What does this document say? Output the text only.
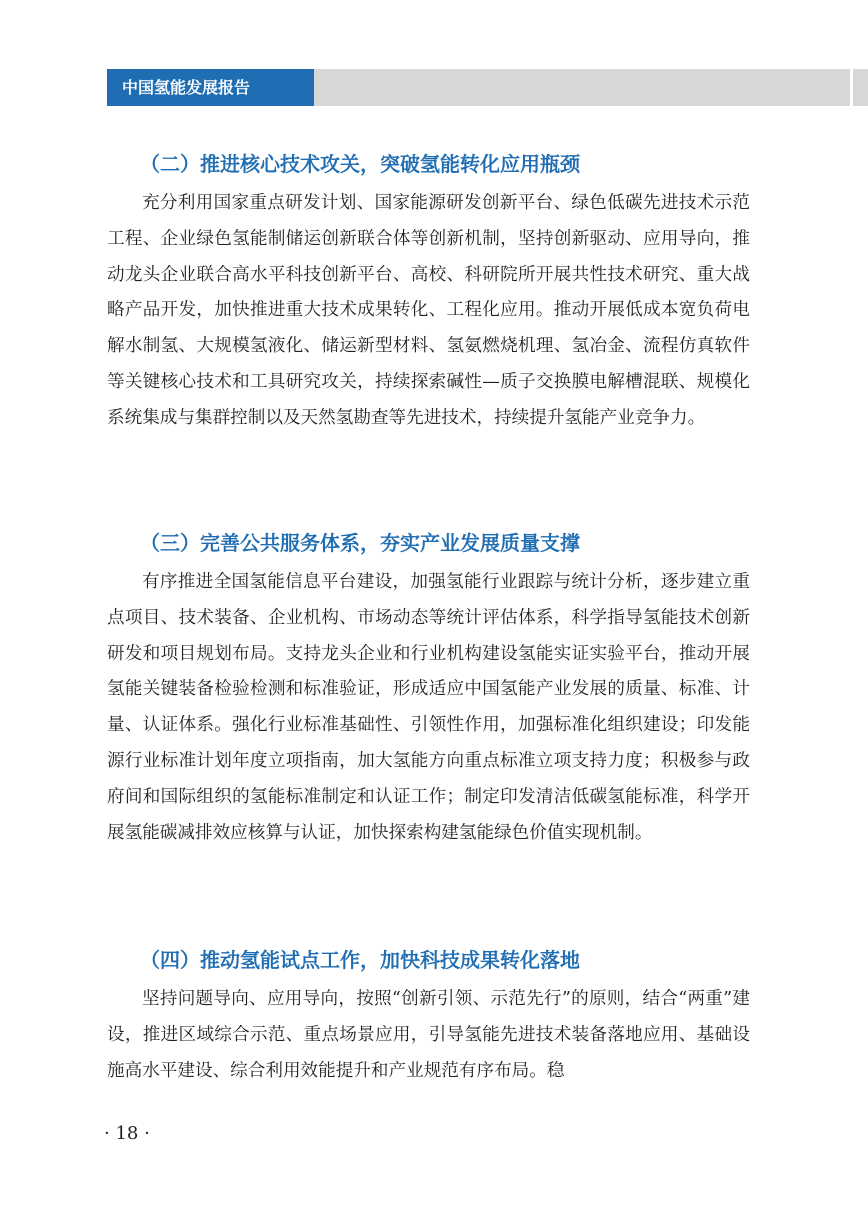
中国氢能发展报告
（二）推进核心技术攻关，突破氢能转化应用瓶颈

充分利用国家重点研发计划、国家能源研发创新平台、绿色低碳先进技术示范工程、企业绿色氢能制储运创新联合体等创新机制，坚持创新驱动、应用导向，推动龙头企业联合高水平科技创新平台、高校、科研院所开展共性技术研究、重大战略产品开发，加快推进重大技术成果转化、工程化应用。推动开展低成本宽负荷电解水制氢、大规模氢液化、储运新型材料、氢氨燃烧机理、氢冶金、流程仿真软件等关键核心技术和工具研究攻关，持续探索碱性—质子交换膜电解槽混联、规模化系统集成与集群控制以及天然氢勘查等先进技术，持续提升氢能产业竞争力。

（三）完善公共服务体系，夯实产业发展质量支撑

有序推进全国氢能信息平台建设，加强氢能行业跟踪与统计分析，逐步建立重点项目、技术装备、企业机构、市场动态等统计评估体系，科学指导氢能技术创新研发和项目规划布局。支持龙头企业和行业机构建设氢能实证实验平台，推动开展氢能关键装备检验检测和标准验证，形成适应中国氢能产业发展的质量、标准、计量、认证体系。强化行业标准基础性、引领性作用，加强标准化组织建设；印发能源行业标准计划年度立项指南，加大氢能方向重点标准立项支持力度；积极参与政府间和国际组织的氢能标准制定和认证工作；制定印发清洁低碳氢能标准，科学开展氢能碳减排效应核算与认证，加快探索构建氢能绿色价值实现机制。

（四）推动氢能试点工作，加快科技成果转化落地

坚持问题导向、应用导向，按照“创新引领、示范先行”的原则，结合“两重”建设，推进区域综合示范、重点场景应用，引导氢能先进技术装备落地应用、基础设施高水平建设、综合利用效能提升和产业规范有序布局。稳

· 18 ·
